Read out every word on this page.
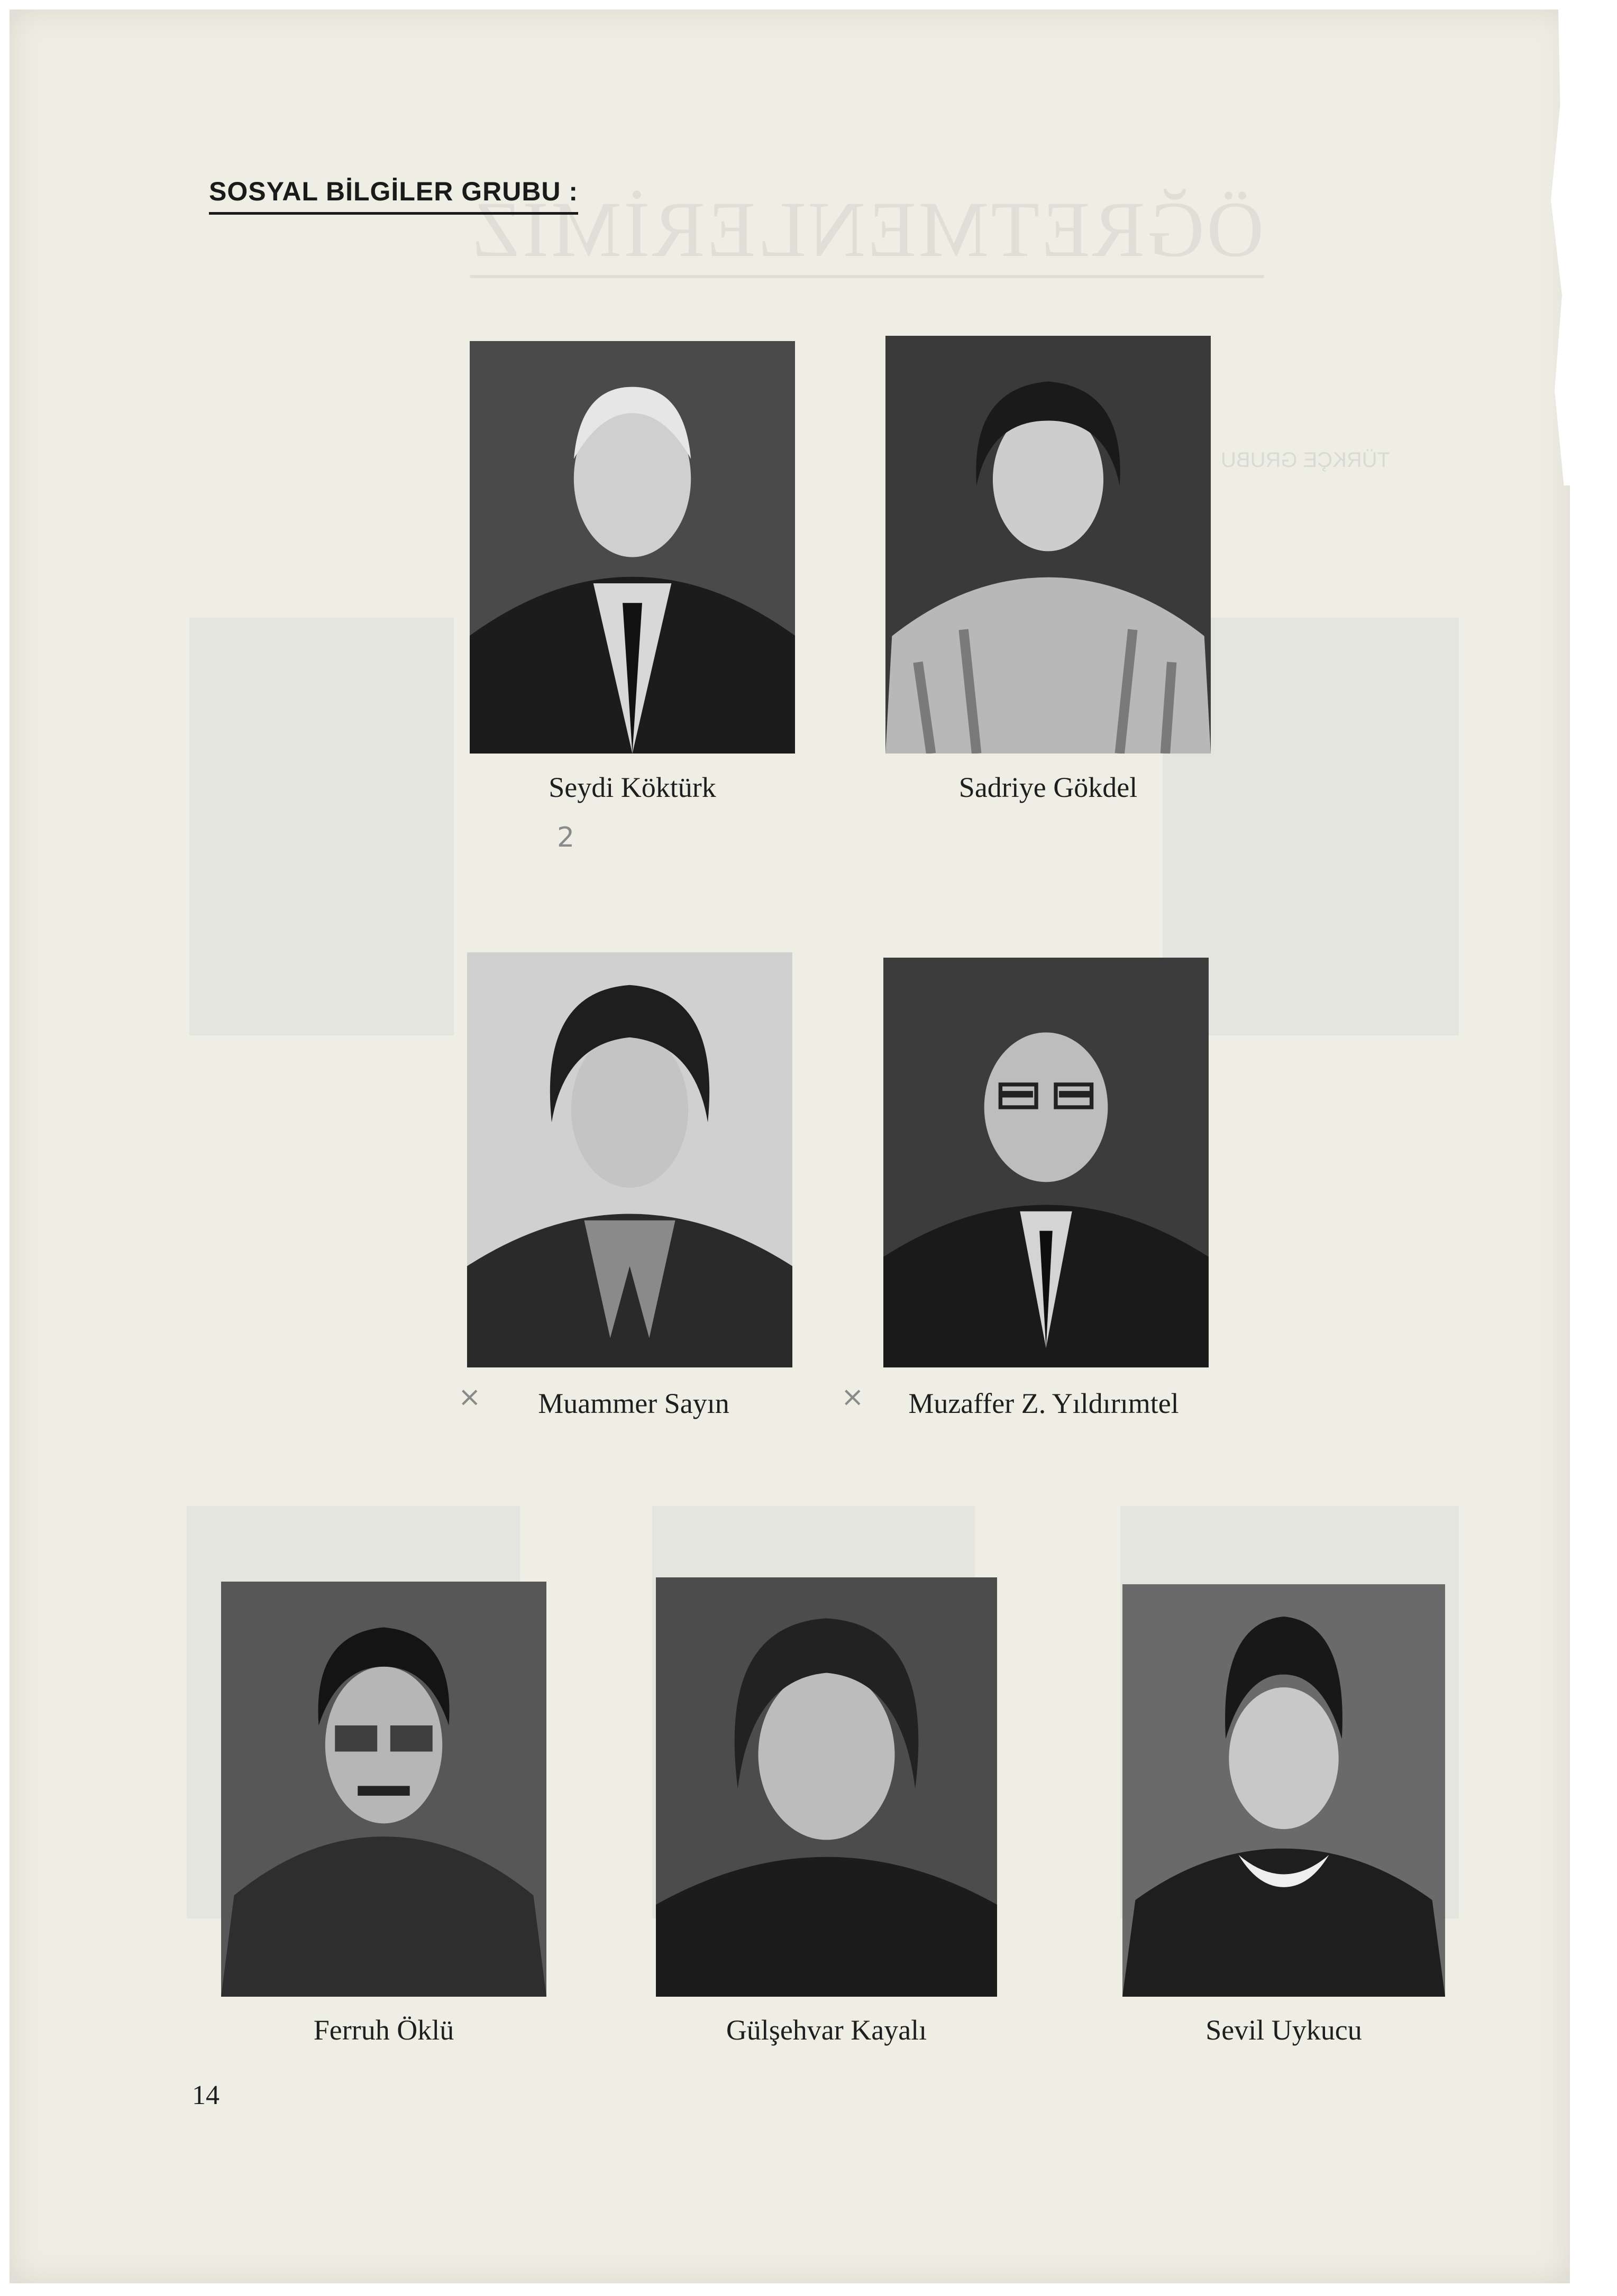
ÖĞRETMENLERİMİZ
TÜRKÇE GRUBU
SOSYAL BİLGİLER GRUBU :
Seydi Köktürk	Sadriye Gökdel
2
Muammer Sayın
×	Muzaffer Z. Yıldırımtel
×
Ferruh Öklü	Gülşehvar Kayalı	Sevil Uykucu
14
